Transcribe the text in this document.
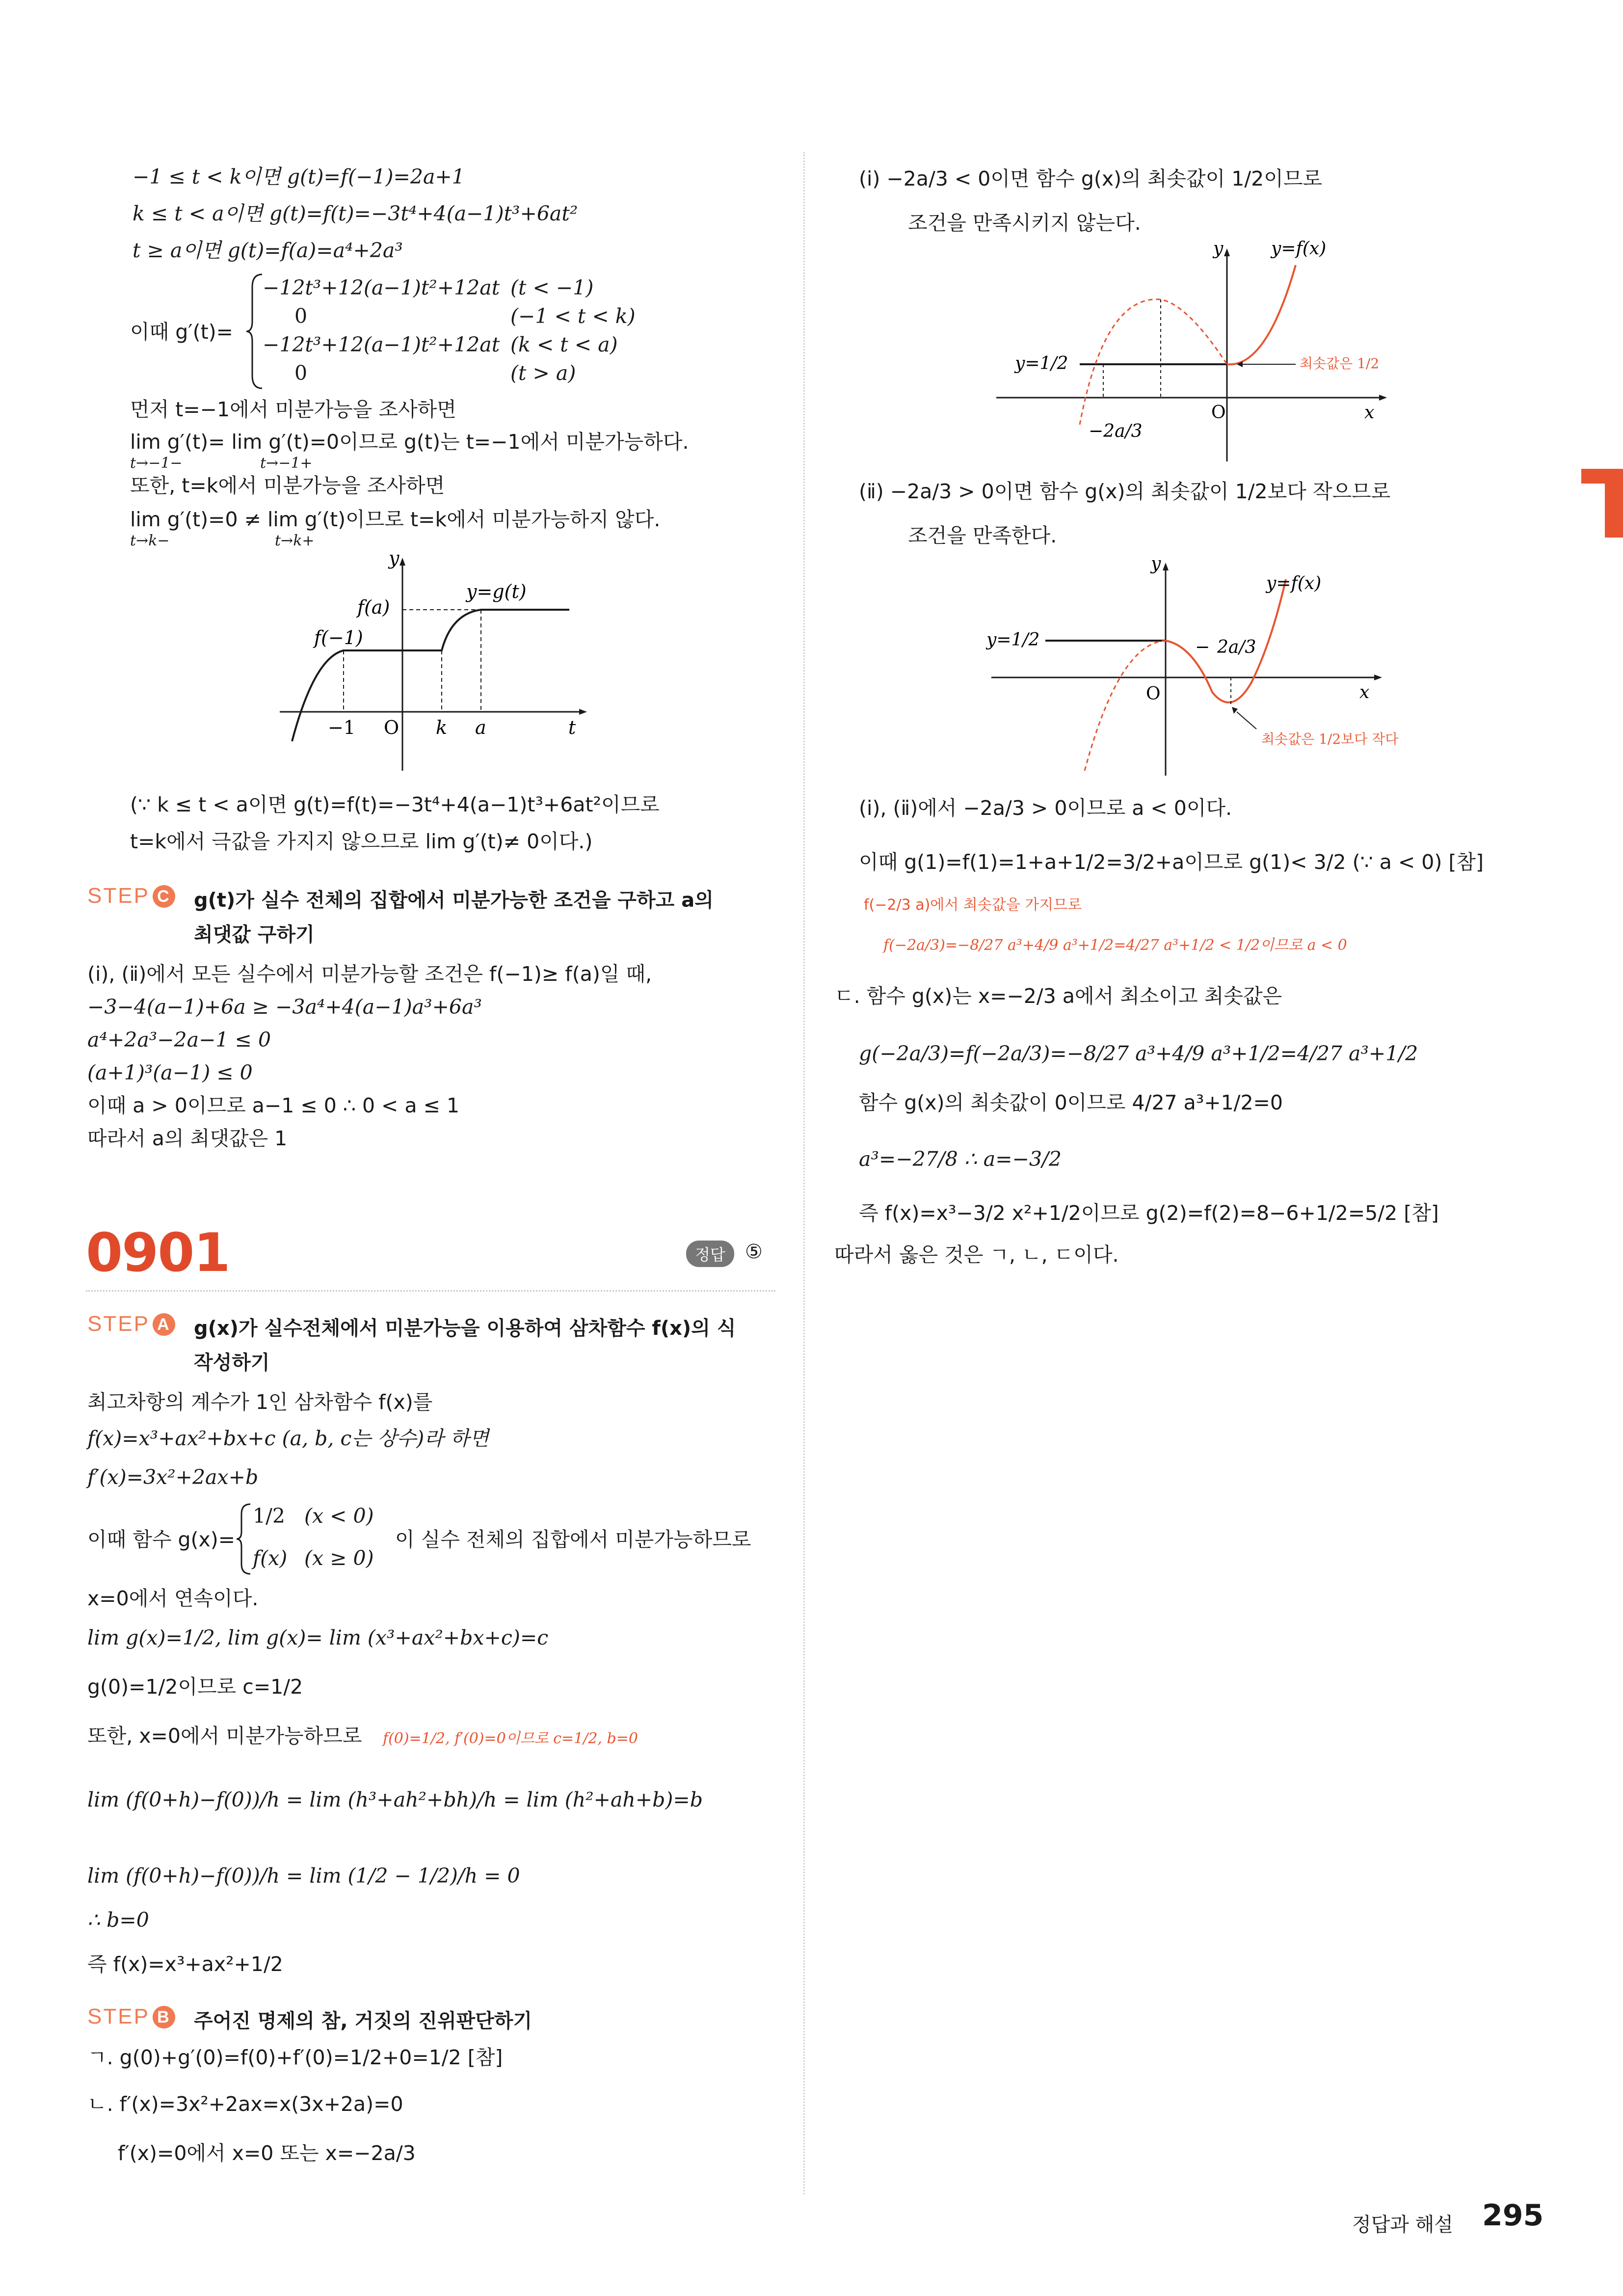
−1 ≤ t < k이면 g(t)=f(−1)=2a+1
k ≤ t < a이면 g(t)=f(t)=−3t⁴+4(a−1)t³+6at²
t ≥ a이면 g(t)=f(a)=a⁴+2a³
이때 g′(t)=
−12t³+12(a−1)t²+12at (t < −1)
0	(−1 < t < k)
−12t³+12(a−1)t²+12at (k < t < a)
0	(t > a)
먼저 t=−1에서 미분가능을 조사하면
lim g′(t)= lim g′(t)=0이므로 g(t)는 t=−1에서 미분가능하다.
t→−1−	t→−1+
또한, t=k에서 미분가능을 조사하면
lim g′(t)=0 ≠ lim g′(t)이므로 t=k에서 미분가능하지 않다.
t→k−	t→k+
y
t
y=g(t)
f(a)
f(−1)
−1 O k a
(∵ k ≤ t < a이면 g(t)=f(t)=−3t⁴+4(a−1)t³+6at²이므로
t=k에서 극값을 가지지 않으므로 lim g′(t)≠ 0이다.)
STEP C g(t)가 실수 전체의 집합에서 미분가능한 조건을 구하고 a의
최댓값 구하기
(ⅰ), (ⅱ)에서 모든 실수에서 미분가능할 조건은 f(−1)≥ f(a)일 때,
−3−4(a−1)+6a ≥ −3a⁴+4(a−1)a³+6a³
a⁴+2a³−2a−1 ≤ 0
(a+1)³(a−1) ≤ 0
이때 a > 0이므로 a−1 ≤ 0 ∴ 0 < a ≤ 1
따라서 a의 최댓값은 1
0901	정답	⑤
STEP A g(x)가 실수전체에서 미분가능을 이용하여 삼차함수 f(x)의 식
작성하기
최고차항의 계수가 1인 삼차함수 f(x)를
f(x)=x³+ax²+bx+c (a, b, c는 상수)라 하면
f′(x)=3x²+2ax+b
이때 함수 g(x)=
1/2 (x < 0)
f(x) (x ≥ 0)
이 실수 전체의 집합에서 미분가능하므로
x=0에서 연속이다.
lim g(x)=1/2, lim g(x)= lim (x³+ax²+bx+c)=c
g(0)=1/2이므로 c=1/2
또한, x=0에서 미분가능하므로 f(0)=1/2, f′(0)=0이므로 c=1/2, b=0
lim (f(0+h)−f(0))/h = lim (h³+ah²+bh)/h = lim (h²+ah+b)=b
lim (f(0+h)−f(0))/h = lim (1/2 − 1/2)/h = 0
∴ b=0
즉 f(x)=x³+ax²+1/2
STEP B 주어진 명제의 참, 거짓의 진위판단하기
ㄱ. g(0)+g′(0)=f(0)+f′(0)=1/2+0=1/2 [참]
ㄴ. f′(x)=3x²+2ax=x(3x+2a)=0
f′(x)=0에서 x=0 또는 x=−2a/3
(ⅰ) −2a/3 < 0이면 함수 g(x)의 최솟값이 1/2이므로
조건을 만족시키지 않는다.
y	y=f(x)
y=1/2
−2a/3
O	x
최솟값은 1/2
(ⅱ) −2a/3 > 0이면 함수 g(x)의 최솟값이 1/2보다 작으므로
조건을 만족한다.
y
y=f(x)
y=1/2	− 2a/3
O	x
최솟값은 1/2보다 작다
(ⅰ), (ⅱ)에서 −2a/3 > 0이므로 a < 0이다.
이때 g(1)=f(1)=1+a+1/2=3/2+a이므로 g(1)< 3/2 (∵ a < 0) [참]
f(−2/3 a)에서 최솟값을 가지므로
f(−2a/3)=−8/27 a³+4/9 a³+1/2=4/27 a³+1/2 < 1/2이므로 a < 0
ㄷ. 함수 g(x)는 x=−2/3 a에서 최소이고 최솟값은
g(−2a/3)=f(−2a/3)=−8/27 a³+4/9 a³+1/2=4/27 a³+1/2
함수 g(x)의 최솟값이 0이므로 4/27 a³+1/2=0
a³=−27/8 ∴ a=−3/2
즉 f(x)=x³−3/2 x²+1/2이므로 g(2)=f(2)=8−6+1/2=5/2 [참]
따라서 옳은 것은 ㄱ, ㄴ, ㄷ이다.
정답과 해설 295
